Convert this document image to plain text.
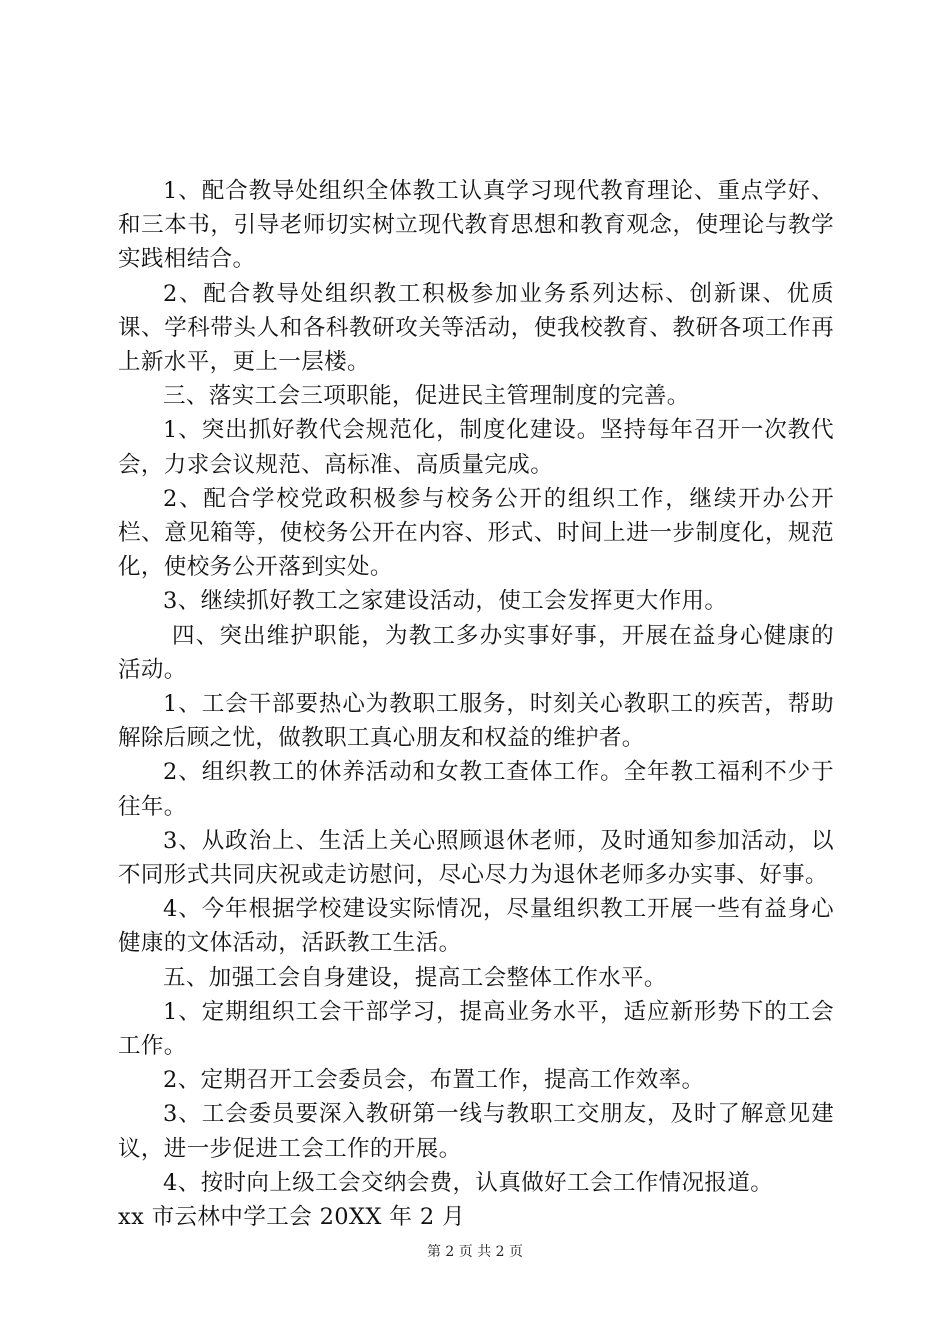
1、配合教导处组织全体教工认真学习现代教育理论、重点学好、和三本书，引导老师切实树立现代教育思想和教育观念，使理论与教学实践相结合。

2、配合教导处组织教工积极参加业务系列达标、创新课、优质课、学科带头人和各科教研攻关等活动，使我校教育、教研各项工作再上新水平，更上一层楼。

三、落实工会三项职能，促进民主管理制度的完善。

1、突出抓好教代会规范化，制度化建设。坚持每年召开一次教代会，力求会议规范、高标准、高质量完成。

2、配合学校党政积极参与校务公开的组织工作，继续开办公开栏、意见箱等，使校务公开在内容、形式、时间上进一步制度化，规范化，使校务公开落到实处。

3、继续抓好教工之家建设活动，使工会发挥更大作用。

四、突出维护职能，为教工多办实事好事，开展在益身心健康的活动。

1、工会干部要热心为教职工服务，时刻关心教职工的疾苦，帮助解除后顾之忧，做教职工真心朋友和权益的维护者。

2、组织教工的休养活动和女教工查体工作。全年教工福利不少于往年。

3、从政治上、生活上关心照顾退休老师，及时通知参加活动，以不同形式共同庆祝或走访慰问，尽心尽力为退休老师多办实事、好事。

4、今年根据学校建设实际情况，尽量组织教工开展一些有益身心健康的文体活动，活跃教工生活。

五、加强工会自身建设，提高工会整体工作水平。

1、定期组织工会干部学习，提高业务水平，适应新形势下的工会工作。

2、定期召开工会委员会，布置工作，提高工作效率。

3、工会委员要深入教研第一线与教职工交朋友，及时了解意见建议，进一步促进工会工作的开展。

4、按时向上级工会交纳会费，认真做好工会工作情况报道。

xx 市云林中学工会 20XX 年 2 月

第 2 页 共 2 页
